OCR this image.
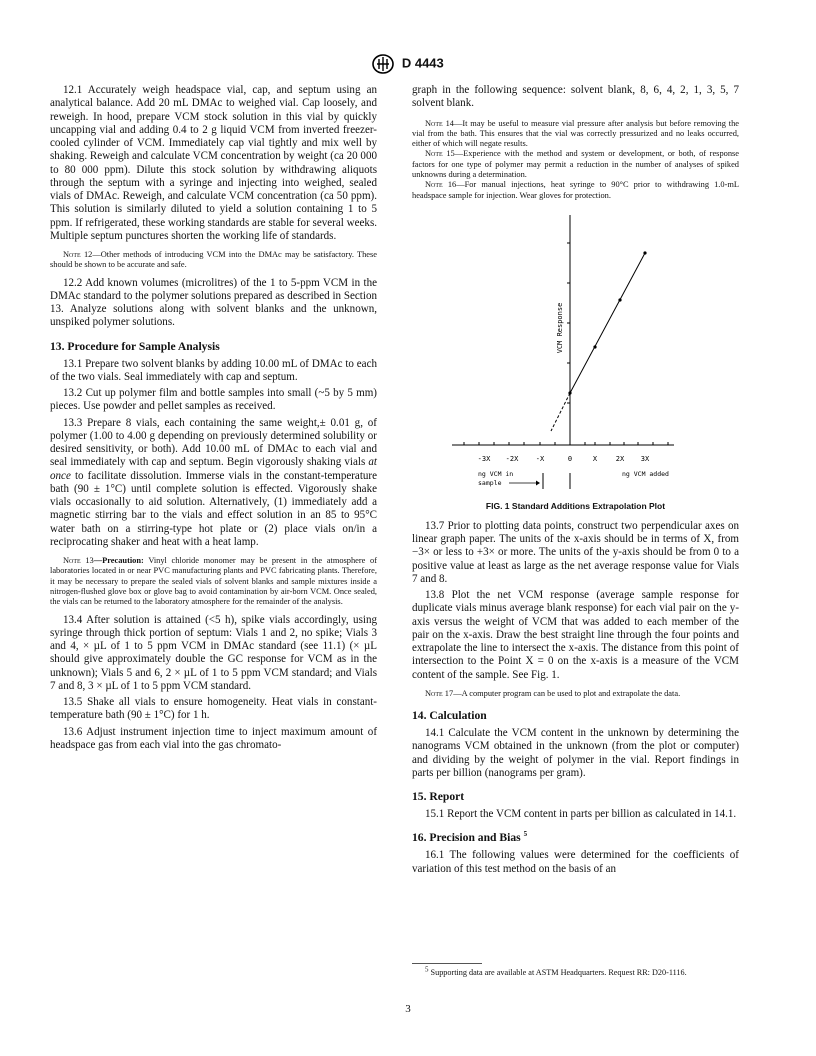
D 4443

12.1 Accurately weigh headspace vial, cap, and septum using an analytical balance. Add 20 mL DMAc to weighed vial. Cap loosely, and reweigh. In hood, prepare VCM stock solution in this vial by quickly uncapping vial and adding 0.4 to 2 g liquid VCM from inverted freezer-cooled cylinder of VCM. Immediately cap vial tightly and mix well by shaking. Reweigh and calculate VCM concentration by weight (ca 20 000 to 80 000 ppm). Dilute this stock solution by withdrawing aliquots through the septum with a syringe and injecting into weighed, sealed vials of DMAc. Reweigh, and calculate VCM concentration (ca 50 ppm). This solution is similarly diluted to yield a solution containing 1 to 5 ppm. If refrigerated, these working standards are stable for several weeks. Multiple septum punctures shorten the working life of standards.

Note 12—Other methods of introducing VCM into the DMAc may be satisfactory. These should be shown to be accurate and safe.

12.2 Add known volumes (microlitres) of the 1 to 5-ppm VCM in the DMAc standard to the polymer solutions prepared as described in Section 13. Analyze solutions along with solvent blanks and the unknown, unspiked polymer solutions.

13. Procedure for Sample Analysis

13.1 Prepare two solvent blanks by adding 10.00 mL of DMAc to each of the two vials. Seal immediately with cap and septum.

13.2 Cut up polymer film and bottle samples into small (~5 by 5 mm) pieces. Use powder and pellet samples as received.

13.3 Prepare 8 vials, each containing the same weight,± 0.01 g, of polymer (1.00 to 4.00 g depending on previously determined solubility or desired sensitivity, or both). Add 10.00 mL of DMAc to each vial and seal immediately with cap and septum. Begin vigorously shaking vials at once to facilitate dissolution. Immerse vials in the constant-temperature bath (90 ± 1°C) until complete solution is effected. Vigorously shake vials occasionally to aid solution. Alternatively, (1) immediately add a magnetic stirring bar to the vials and effect solution in an 85 to 95°C water bath on a stirring-type hot plate or (2) place vials on/in a reciprocating shaker and heat with a heat lamp.

Note 13—Precaution: Vinyl chloride monomer may be present in the atmosphere of laboratories located in or near PVC manufacturing plants and PVC fabricating plants. Therefore, it may be necessary to prepare the sealed vials of solvent blanks and sample mixtures inside a nitrogen-flushed glove box or glove bag to avoid contamination by air-born VCM. Once sealed, the vials can be returned to the laboratory atmosphere for the remainder of the analysis.

13.4 After solution is attained (<5 h), spike vials accordingly, using syringe through thick portion of septum: Vials 1 and 2, no spike; Vials 3 and 4, × µL of 1 to 5 ppm VCM in DMAc standard (see 11.1) (× µL should give approximately double the GC response for VCM as in the unknown); Vials 5 and 6, 2 × µL of 1 to 5 ppm VCM standard; and Vials 7 and 8, 3 × µL of 1 to 5 ppm VCM standard.

13.5 Shake all vials to ensure homogeneity. Heat vials in constant-temperature bath (90 ± 1°C) for 1 h.

13.6 Adjust instrument injection time to inject maximum amount of headspace gas from each vial into the gas chromato-

graph in the following sequence: solvent blank, 8, 6, 4, 2, 1, 3, 5, 7 solvent blank.

Note 14—It may be useful to measure vial pressure after analysis but before removing the vial from the bath. This ensures that the vial was correctly pressurized and no leaks occurred, either of which will negate results.

Note 15—Experience with the method and system or development, or both, of response factors for one type of polymer may permit a reduction in the number of analyses of spiked unknowns during a determination.

Note 16—For manual injections, heat syringe to 90°C prior to withdrawing 1.0-mL headspace sample for injection. Wear gloves for protection.

VCM Response
-3X -2X -X	0	X	2X 3X
ng VCM in
sample
ng VCM added
FIG. 1 Standard Additions Extrapolation Plot

13.7 Prior to plotting data points, construct two perpendicular axes on linear graph paper. The units of the x-axis should be in terms of X, from −3× or less to +3× or more. The units of the y-axis should be from 0 to a positive value at least as large as the net average response value for Vials 7 and 8.

13.8 Plot the net VCM response (average sample response for duplicate vials minus average blank response) for each vial pair on the y-axis versus the weight of VCM that was added to each member of the pair on the x-axis. Draw the best straight line through the four points and extrapolate the line to intersect the x-axis. The distance from this point of intersection to the Point X = 0 on the x-axis is a measure of the VCM content of the sample. See Fig. 1.

Note 17—A computer program can be used to plot and extrapolate the data.

14. Calculation

14.1 Calculate the VCM content in the unknown by determining the nanograms VCM obtained in the unknown (from the plot or computer) and dividing by the weight of polymer in the vial. Report findings in parts per billion (nanograms per gram).

15. Report

15.1 Report the VCM content in parts per billion as calculated in 14.1.

16. Precision and Bias $^5$

16.1 The following values were determined for the coefficients of variation of this test method on the basis of an

$^5$ Supporting data are available at ASTM Headquarters. Request RR: D20-1116.
3
